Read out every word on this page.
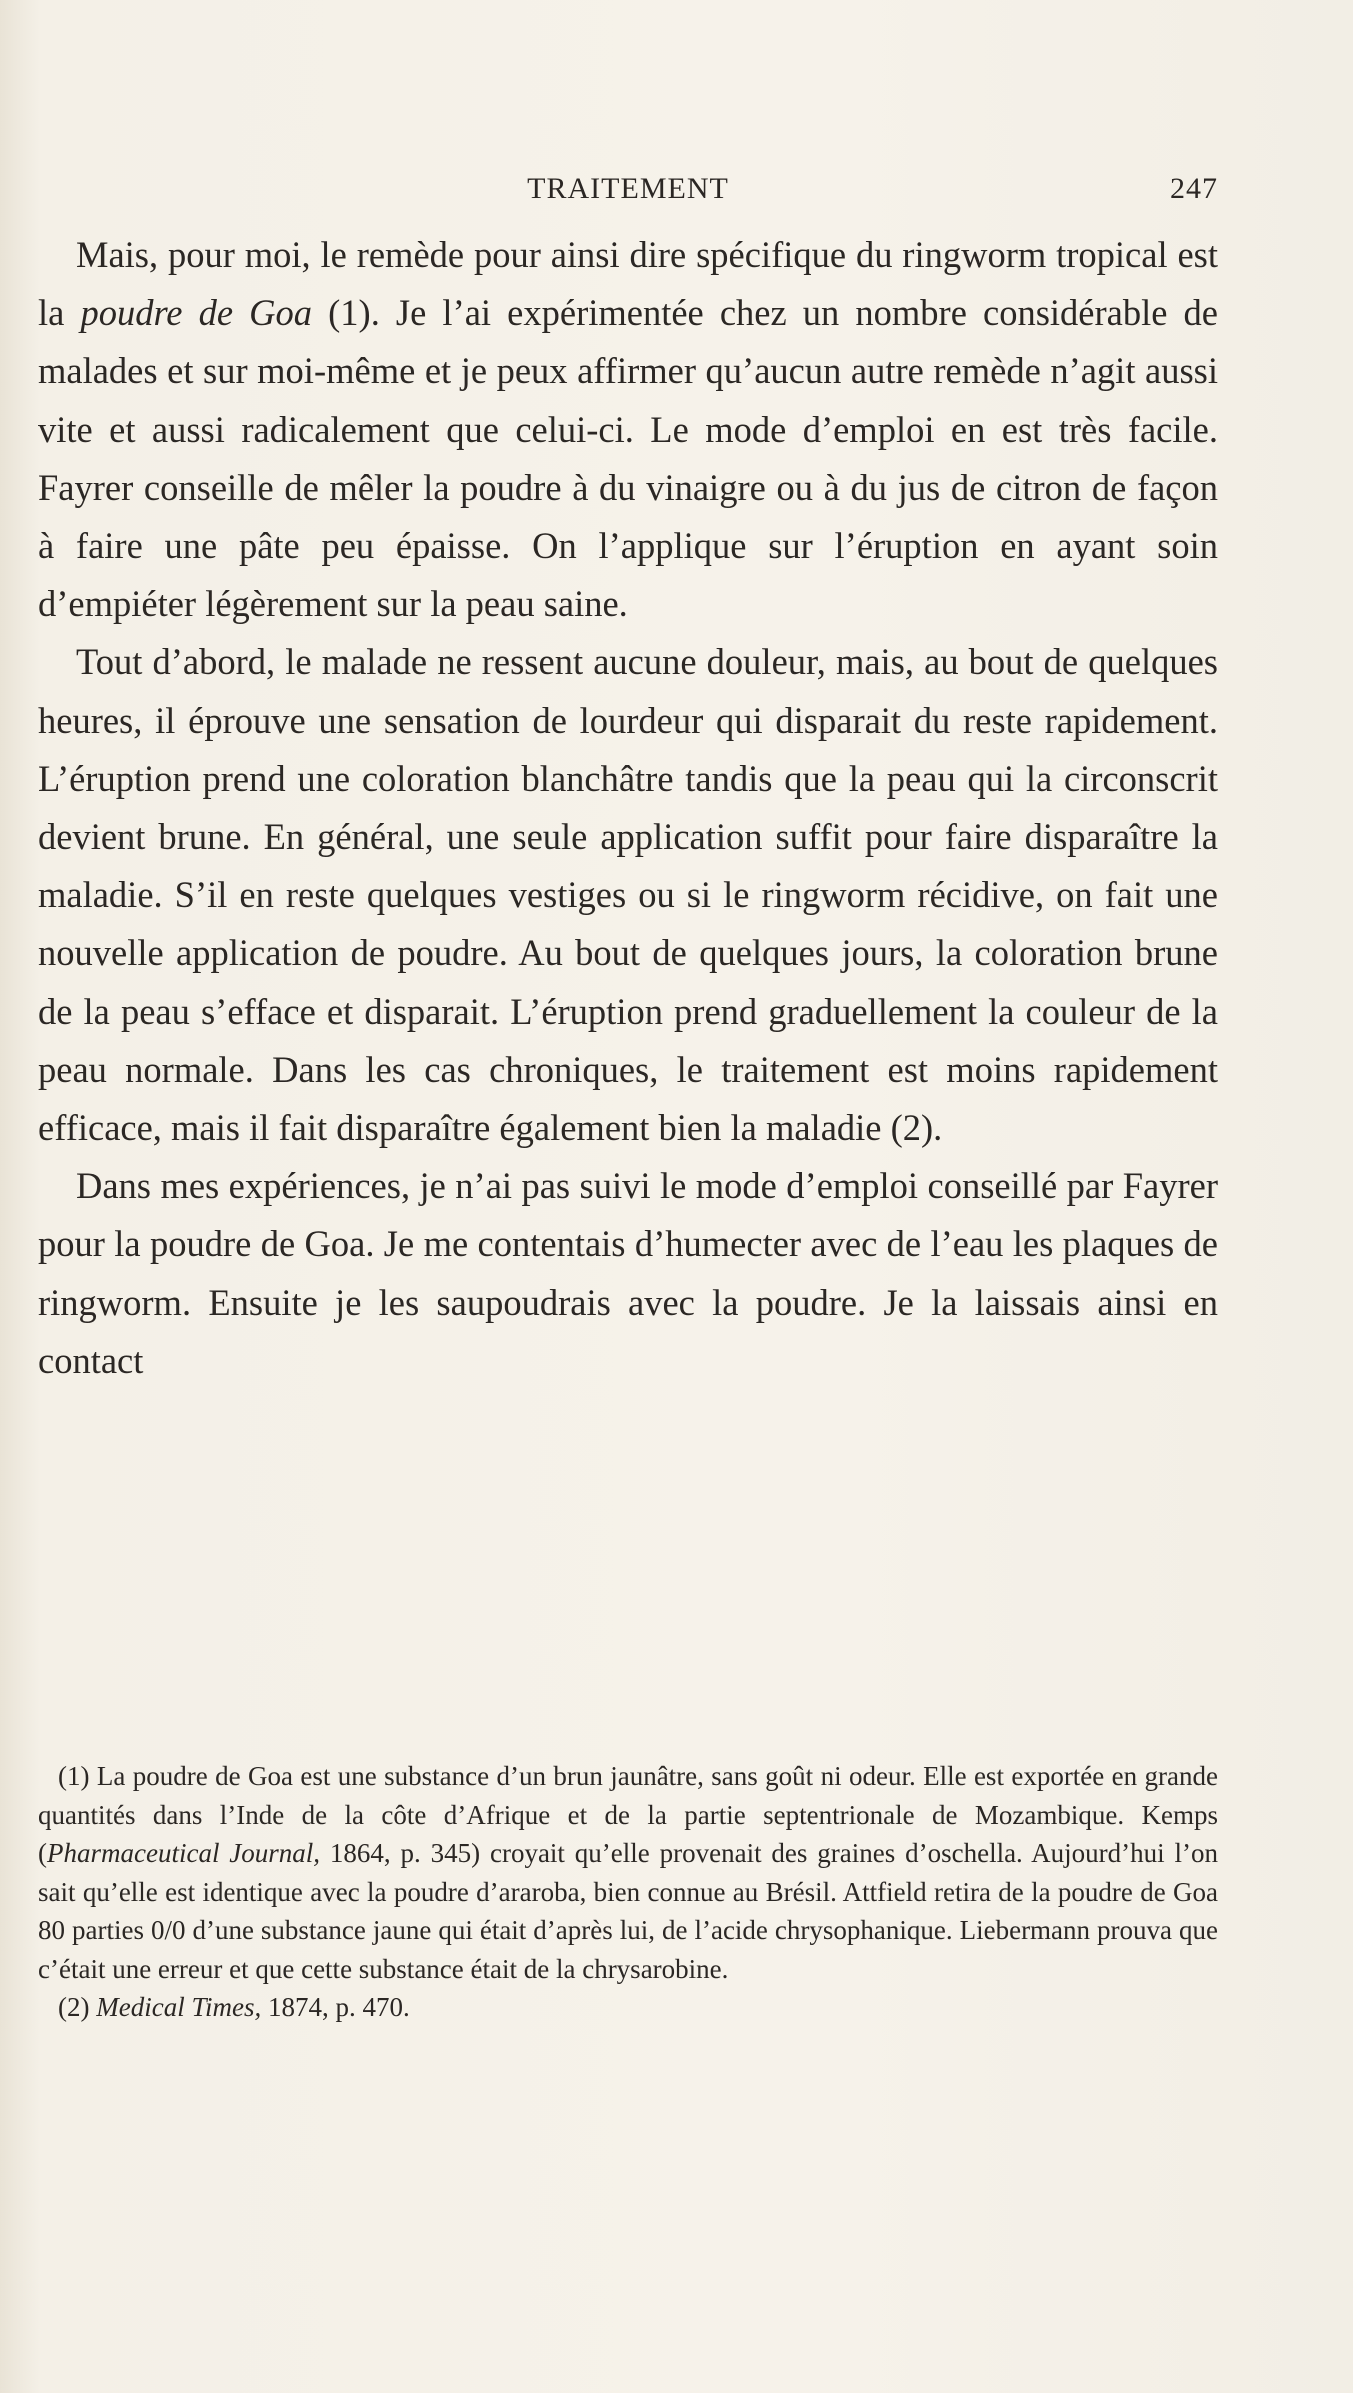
TRAITEMENT	247

Mais, pour moi, le remède pour ainsi dire spécifique du ringworm tropical est la poudre de Goa (1). Je l’ai expérimentée chez un nombre considérable de malades et sur moi-même et je peux affirmer qu’aucun autre remède n’agit aussi vite et aussi radicalement que celui-ci. Le mode d’emploi en est très facile. Fayrer conseille de mêler la poudre à du vinaigre ou à du jus de citron de façon à faire une pâte peu épaisse. On l’applique sur l’éruption en ayant soin d’empiéter légèrement sur la peau saine.

Tout d’abord, le malade ne ressent aucune douleur, mais, au bout de quelques heures, il éprouve une sensation de lourdeur qui disparait du reste rapidement. L’éruption prend une coloration blanchâtre tandis que la peau qui la circonscrit devient brune. En général, une seule application suffit pour faire disparaître la maladie. S’il en reste quelques vestiges ou si le ringworm récidive, on fait une nouvelle application de poudre. Au bout de quelques jours, la coloration brune de la peau s’efface et disparait. L’éruption prend graduellement la couleur de la peau normale. Dans les cas chroniques, le traitement est moins rapidement efficace, mais il fait disparaître également bien la maladie (2).

Dans mes expériences, je n’ai pas suivi le mode d’emploi conseillé par Fayrer pour la poudre de Goa. Je me contentais d’humecter avec de l’eau les plaques de ringworm. Ensuite je les saupoudrais avec la poudre. Je la laissais ainsi en contact

(1) La poudre de Goa est une substance d’un brun jaunâtre, sans goût ni odeur. Elle est exportée en grande quantités dans l’Inde de la côte d’Afrique et de la partie septentrionale de Mozambique. Kemps (Pharmaceutical Journal, 1864, p. 345) croyait qu’elle provenait des graines d’oschella. Aujourd’hui l’on sait qu’elle est identique avec la poudre d’araroba, bien connue au Brésil. Attfield retira de la poudre de Goa 80 parties 0/0 d’une substance jaune qui était d’après lui, de l’acide chrysophanique. Liebermann prouva que c’était une erreur et que cette substance était de la chrysarobine.

(2) Medical Times, 1874, p. 470.
